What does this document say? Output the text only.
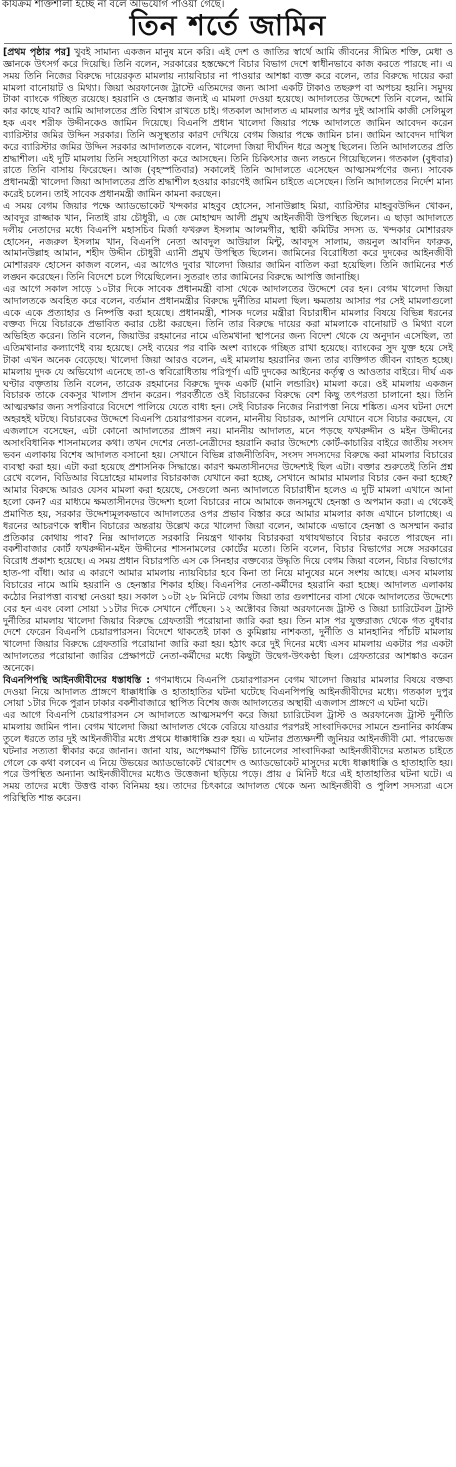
কাযক্রম শাক্তশালী হচ্ছে না বলে অভিযোগ পাওয়া গেছে।
তিন শর্তে জামিন

[প্রথম পৃষ্ঠার পর] খুবই সামান্য একজন মানুষ মনে করি। এই দেশ ও জাতির স্বার্থে আমি জীবনের সীমিত শক্তি, মেধা ও জ্ঞানকে উৎসর্গ করে দিয়েছি। তিনি বলেন, সরকারের হস্তক্ষেপে বিচার বিভাগ দেশে স্বাধীনভাবে কাজ করতে পারছে না। এ সময় তিনি নিজের বিরুদ্ধে দায়েরকৃত মামলায় ন্যায়বিচার না পাওয়ার আশঙ্কা ব্যক্ত করে বলেন, তার বিরুদ্ধে দায়ের করা মামলা বানোয়াট ও মিথ্যা। জিয়া অরফানেজ ট্রাস্টে এতিমদের জন্য আসা একটি টাকাও তছরুপ বা অপচয় হয়নি। সমুদয় টাকা ব্যাংকে গচ্ছিত রয়েছে। হয়রানি ও হেনস্তার জন্যই এ মামলা দেওয়া হয়েছে। আদালতের উদ্দেশে তিনি বলেন, আমি কার কাছে যাব? আমি আদালতের প্রতি বিশ্বাস রাখতে চাই। গতকাল আদালত এ মামলার অপর দুই আসামি কাজী সেলিমুল হক এবং শরীফ উদ্দীনকেও জামিন দিয়েছে। বিএনপি প্রধান খালেদা জিয়ার পক্ষে আদালতে জামিন আবেদন করেন ব্যারিস্টার জমির উদ্দিন সরকার। তিনি অসুস্থতার কারণ দেখিয়ে বেগম জিয়ার পক্ষে জামিন চান। জামিন আবেদন দাখিল করে ব্যারিস্টার জমির উদ্দিন সরকার আদালতকে বলেন, খালেদা জিয়া দীর্ঘদিন ধরে অসুস্থ ছিলেন। তিনি আদালতের প্রতি শ্রদ্ধাশীল। এই দুটি মামলায় তিনি সহযোগিতা করে আসছেন। তিনি চিকিৎসার জন্য লন্ডনে গিয়েছিলেন। গতকাল (বুধবার) রাতে তিনি বাসায় ফিরেছেন। আজ (বৃহস্পতিবার) সকালেই তিনি আদালতে এসেছেন আত্মসমর্পণের জন্য। সাবেক প্রধানমন্ত্রী খালেদা জিয়া আদালতের প্রতি শ্রদ্ধাশীল হওয়ার কারণেই জামিন চাইতে এসেছেন। তিনি আদালতের নির্দেশ মান্য করেই চলেন। তাই সাবেক প্রধানমন্ত্রী জামিন কামনা করছেন।

এ সময় বেগম জিয়ার পক্ষে অ্যাডভোকেট খন্দকার মাহবুব হোসেন, সানাউল্লাহ মিয়া, ব্যারিস্টার মাহবুবউদ্দিন খোকন, আবদুর রাজ্জাক খান, নিতাই রায় চৌধুরী, এ জে মোহাম্মদ আলী প্রমুখ আইনজীবী উপস্থিত ছিলেন। এ ছাড়া আদালতে দলীয় নেতাদের মধ্যে বিএনপি মহাসচিব মির্জা ফখরুল ইসলাম আলমগীর, স্থায়ী কমিটির সদস্য ড. খন্দকার মোশাররফ হোসেন, নজরুল ইসলাম খান, বিএনপি নেতা আবদুল আউয়াল মিন্টু, আবদুস সালাম, জয়নুল আবদিন ফারুক, আমানউল্লাহ আমান, শহীদ উদ্দীন চৌধুরী এ্যানী প্রমুখ উপস্থিত ছিলেন। জামিনের বিরোধিতা করে দুদকের আইনজীবী মোশাররফ হোসেন কাজল বলেন, এর আগেও দুবার খালেদা জিয়ার জামিন বাতিল করা হয়েছিল। তিনি জামিনের শর্ত লঙ্ঘন করেছেন। তিনি বিদেশে চলে গিয়েছিলেন। সুতরাং তার জামিনের বিরুদ্ধে আপত্তি জানাচ্ছি।

এর আগে সকাল সাড়ে ১০টার দিকে সাবেক প্রধানমন্ত্রী বাসা থেকে আদালতের উদ্দেশে বের হন। বেগম খালেদা জিয়া আদালতকে অবহিত করে বলেন, বর্তমান প্রধানমন্ত্রীর বিরুদ্ধে দুর্নীতির মামলা ছিল। ক্ষমতায় আসার পর সেই মামলাগুলো একে একে প্রত্যাহার ও নিষ্পত্তি করা হয়েছে। প্রধানমন্ত্রী, শাসক দলের মন্ত্রীরা বিচারাধীন মামলার বিষয়ে বিভিন্ন ধরনের বক্তব্য দিয়ে বিচারকে প্রভাবিত করার চেষ্টা করছেন। তিনি তার বিরুদ্ধে দায়ের করা মামলাকে বানোয়াট ও মিথ্যা বলে অভিহিত করেন। তিনি বলেন, জিয়াউর রহমানের নামে এতিমখানা স্থাপনের জন্য বিদেশ থেকে যে অনুদান এসেছিল, তা এতিমখানার কল্যাণেই ব্যয় হয়েছে। সেই ব্যয়ের পর বাকি অংশ ব্যাংকে গচ্ছিত রাখা হয়েছে। ব্যাংকের সুদ যুক্ত হয়ে সেই টাকা এখন অনেক বেড়েছে। খালেদা জিয়া আরও বলেন, এই মামলায় হয়রানির জন্য তার ব্যক্তিগত জীবন ব্যাহত হচ্ছে। মামলায় দুদক যে অভিযোগ এনেছে তা-ও স্ববিরোধিতায় পরিপূর্ণ। এটি দুদকের আইনের কর্তৃত্ব ও আওতার বাইরে। দীর্ঘ এক ঘণ্টার বক্তৃতায় তিনি বলেন, তারেক রহমানের বিরুদ্ধে দুদক একটি (মানি লন্ডারিং) মামলা করে। ওই মামলায় একজন বিচারক তাকে বেকসুর খালাস প্রদান করেন। পরবর্তীতে ওই বিচারকের বিরুদ্ধে বেশ কিছু তৎপরতা চালানো হয়। তিনি আত্মরক্ষার জন্য সপরিবারে বিদেশে পালিয়ে যেতে বাধ্য হন। সেই বিচারক নিজের নিরাপত্তা নিয়ে শঙ্কিত। এসব ঘটনা দেশে অহরহই ঘটছে। বিচারকের উদ্দেশে বিএনপি চেয়ারপারসন বলেন, মাননীয় বিচারক, আপনি যেখানে বসে বিচার করছেন, যে এজলাসে বসেছেন, এটা কোনো আদালতের প্রাঙ্গণ নয়। মাননীয় আদালত, মনে পড়ছে ফখরুদ্দীন ও মইন উদ্দীনের অসাংবিধানিক শাসনামলের কথা। তখন দেশের নেতা-নেত্রীদের হয়রানি করার উদ্দেশ্যে কোর্ট-কাচারির বাইরে জাতীয় সংসদ ভবন এলাকায় বিশেষ আদালত বসানো হয়। সেখানে বিভিন্ন রাজনীতিবিদ, সংসদ সদস্যদের বিরুদ্ধে করা মামলার বিচারের ব্যবস্থা করা হয়। এটা করা হয়েছে প্রশাসনিক সিদ্ধান্তে। কারণ ক্ষমতাসীনদের উদ্দেশ্যই ছিল এটা। বক্তার শুরুতেই তিনি প্রশ্ন রেখে বলেন, বিডিআর বিদ্রোহের মামলার বিচারকাজ যেখানে করা হচ্ছে, সেখানে আমার মামলার বিচার কেন করা হচ্ছে? আমার বিরুদ্ধে আরও যেসব মামলা করা হয়েছে, সেগুলো অন্য আদালতে বিচারাধীন হলেও এ দুটি মামলা এখানে আনা হলো কেন? এর মাধ্যমে ক্ষমতাসীনদের উদ্দেশ্য হলো বিচারের নামে আমাকে জনসমুখে হেনস্তা ও অপমান করা। এ থেকেই প্রমাণিত হয়, সরকার উদ্দেশ্যমূলকভাবে আদালতের ওপর প্রভাব বিস্তার করে আমার মামলার কাজ এখানে চালাচ্ছে। এ ধরনের আচরণকে স্বাধীন বিচারের অন্তরায় উল্লেখ করে খালেদা জিয়া বলেন, আমাকে এভাবে হেনস্তা ও অসম্মান করার প্রতিকার কোথায় পাব? নিম্ন আদালতে সরকারি নিয়ন্ত্রণ থাকায় বিচারকরা যথাযথভাবে বিচার করতে পারছেন না। বকশীবাজার কোর্ট ফখরুদ্দীন-মইন উদ্দীনের শাসনামলের কোর্টের মতো। তিনি বলেন, বিচার বিভাগের সঙ্গে সরকারের বিরোধ প্রকাশ্য হয়েছে। এ সময় প্রধান বিচারপতি এস কে সিনহার বক্তব্যের উদ্ধৃতি দিয়ে বেগম জিয়া বলেন, বিচার বিভাগের হাত-পা বাঁধা। আর এ কারণে আমার মামলায় ন্যায়বিচার হবে কিনা তা নিয়ে মানুষের মনে সংশয় আছে। এসব মামলায় বিচারের নামে আমি হয়রানি ও হেনস্তার শিকার হচ্ছি। বিএনপির নেতা-কর্মীদের হয়রানি করা হচ্ছে। আদালত এলাকায় কঠোর নিরাপত্তা ব্যবস্থা নেওয়া হয়। সকাল ১০টা ২৮ মিনিটে বেগম জিয়া তার গুলশানের বাসা থেকে আদালতের উদ্দেশ্যে বের হন এবং বেলা সোয়া ১১টার দিকে সেখানে পৌঁছেন। ১২ অক্টোবর জিয়া অরফানেজ ট্রাস্ট ও জিয়া চ্যারিটেবল ট্রাস্ট দুর্নীতির মামলায় খালেদা জিয়ার বিরুদ্ধে গ্রেফতারী পরোয়ানা জারি করা হয়। তিন মাস পর যুক্তরাজ্য থেকে গত বুধবার দেশে ফেরেন বিএনপি চেয়ারপারসন। বিদেশে থাকতেই ঢাকা ও কুমিল্লায় নাশকতা, দুর্নীতি ও মানহানির পাঁচটি মামলায় খালেদা জিয়ার বিরুদ্ধে গ্রেফতারি পরোয়ানা জারি করা হয়। হঠাৎ করে দুই দিনের মধ্যে এসব মামলায় একটার পর একটা আদালতের পরোয়ানা জারির প্রেক্ষাপটে নেতা-কর্মীদের মধ্যে কিছুটা উদ্বেগ-উৎকণ্ঠা ছিল। গ্রেফতারের আশঙ্কাও করেন অনেকে।

বিএনপিপন্থি আইনজীবীদের ধস্তাধস্তি : গণমাধ্যমে বিএনপি চেয়ারপারসন বেগম খালেদা জিয়ার মামলার বিষয়ে বক্তব্য দেওয়া নিয়ে আদালত প্রাঙ্গণে ধাক্কাধাক্কি ও হাতাহাতির ঘটনা ঘটেছে বিএনপিপন্থি আইনজীবীদের মধ্যে। গতকাল দুপুর সোয়া ১টার দিকে পুরান ঢাকার বকশীবাজারে স্থাপিত বিশেষ জজ আদালতের অস্থায়ী এজলাস প্রাঙ্গণে এ ঘটনা ঘটে।

এর আগে বিএনপি চেয়ারপারসন সে আদালতে আত্মসমর্পণ করে জিয়া চ্যারিটেবল ট্রাস্ট ও অরফানেজ ট্রাস্ট দুর্নীতি মামলায় জামিন পান। বেগম খালেদা জিয়া আদালত থেকে বেরিয়ে যাওয়ার পরপরই সাংবাদিকদের সামনে শুনানির কার্যক্রম তুলে ধরতে তার দুই আইনজীবীর মধ্যে প্রথমে ধাক্কাধাক্কি শুরু হয়। এ ঘটনার প্রত্যক্ষদর্শী জুনিয়র আইনজীবী মো. পারভেজ ঘটনার সত্যতা স্বীকার করে জানান। জানা যায়, অপেক্ষমাণ টিভি চ্যানেলের সাংবাদিকরা আইনজীবীদের মতামত চাইতে গেলে কে কথা বলবেন এ নিয়ে উভয়ের অ্যাডভোকেট খোরশেদ ও অ্যাডভোকেট মাসুদের মধ্যে ধাক্কাধাক্কি ও হাতাহাতি হয়। পরে উপস্থিত অন্যান্য আইনজীবীদের মধ্যেও উত্তেজনা ছড়িয়ে পড়ে। প্রায় ৫ মিনিট ধরে এই হাতাহাতির ঘটনা ঘটে। এ সময় তাদের মধ্যে উত্তপ্ত বাক্য বিনিময় হয়। তাদের চিৎকারে আদালত থেকে অন্য আইনজীবী ও পুলিশ সদস্যরা এসে পরিস্থিতি শান্ত করেন।
